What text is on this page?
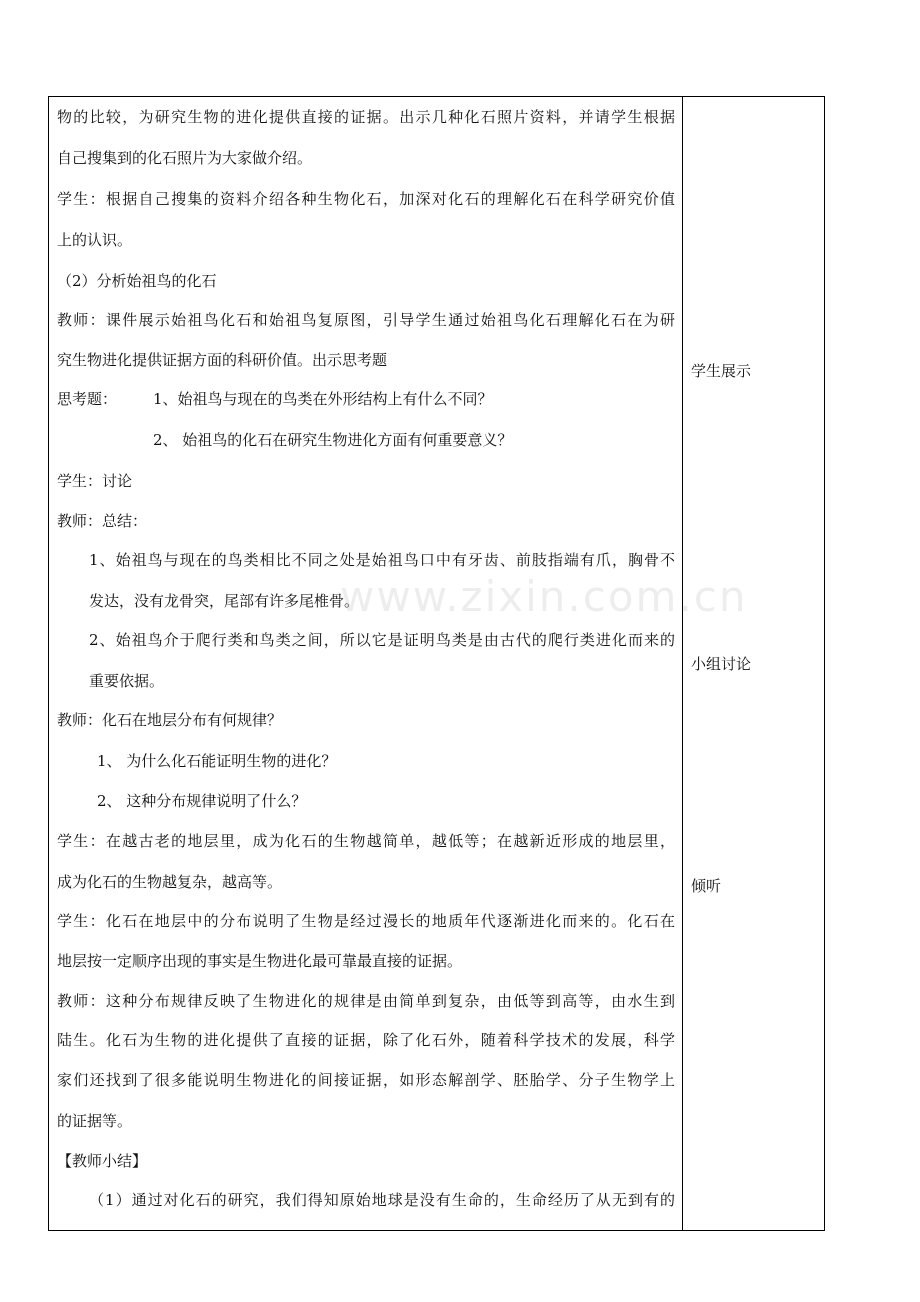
物的比较，为研究生物的进化提供直接的证据。出示几种化石照片资料，并请学生根据
自己搜集到的化石照片为大家做介绍。
学生：根据自己搜集的资料介绍各种生物化石，加深对化石的理解化石在科学研究价值
上的认识。
（2）分析始祖鸟的化石
教师：课件展示始祖鸟化石和始祖鸟复原图，引导学生通过始祖鸟化石理解化石在为研
究生物进化提供证据方面的科研价值。出示思考题
思考题： 1、始祖鸟与现在的鸟类在外形结构上有什么不同？
2、 始祖鸟的化石在研究生物进化方面有何重要意义？
学生：讨论
教师：总结：
1、始祖鸟与现在的鸟类相比不同之处是始祖鸟口中有牙齿、前肢指端有爪，胸骨不
发达，没有龙骨突，尾部有许多尾椎骨。
2、始祖鸟介于爬行类和鸟类之间，所以它是证明鸟类是由古代的爬行类进化而来的
重要依据。
教师：化石在地层分布有何规律？
1、 为什么化石能证明生物的进化？
2、 这种分布规律说明了什么？
学生：在越古老的地层里，成为化石的生物越简单，越低等；在越新近形成的地层里，
成为化石的生物越复杂，越高等。
学生：化石在地层中的分布说明了生物是经过漫长的地质年代逐渐进化而来的。化石在
地层按一定顺序出现的事实是生物进化最可靠最直接的证据。
教师：这种分布规律反映了生物进化的规律是由简单到复杂，由低等到高等，由水生到
陆生。化石为生物的进化提供了直接的证据，除了化石外，随着科学技术的发展，科学
家们还找到了很多能说明生物进化的间接证据，如形态解剖学、胚胎学、分子生物学上
的证据等。
【教师小结】
（1）通过对化石的研究，我们得知原始地球是没有生命的，生命经历了从无到有的
学生展示
小组讨论
倾听
www.zixin.com.cn
